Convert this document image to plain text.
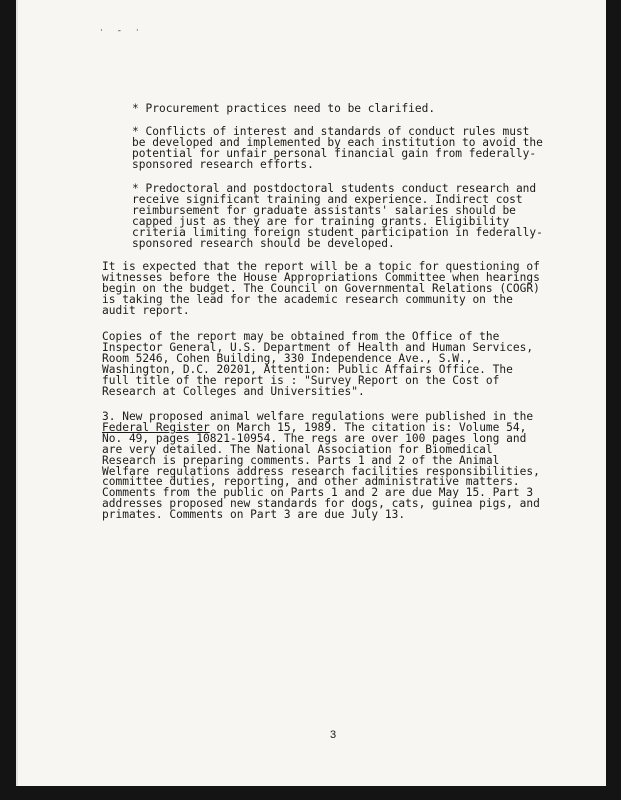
· - ·
* Procurement practices need to be clarified.
* Conflicts of interest and standards of conduct rules must
be developed and implemented by each institution to avoid the
potential for unfair personal financial gain from federally-
sponsored research efforts.
* Predoctoral and postdoctoral students conduct research and
receive significant training and experience. Indirect cost
reimbursement for graduate assistants' salaries should be
capped just as they are for training grants. Eligibility
criteria limiting foreign student participation in federally-
sponsored research should be developed.
It is expected that the report will be a topic for questioning of
witnesses before the House Appropriations Committee when hearings
begin on the budget. The Council on Governmental Relations (COGR)
is taking the lead for the academic research community on the
audit report.
Copies of the report may be obtained from the Office of the
Inspector General, U.S. Department of Health and Human Services,
Room 5246, Cohen Building, 330 Independence Ave., S.W.,
Washington, D.C. 20201, Attention: Public Affairs Office. The
full title of the report is : "Survey Report on the Cost of
Research at Colleges and Universities".
3. New proposed animal welfare regulations were published in the
Federal Register on March 15, 1989. The citation is: Volume 54,
No. 49, pages 10821-10954. The regs are over 100 pages long and
are very detailed. The National Association for Biomedical
Research is preparing comments. Parts 1 and 2 of the Animal
Welfare regulations address research facilities responsibilities,
committee duties, reporting, and other administrative matters.
Comments from the public on Parts 1 and 2 are due May 15. Part 3
addresses proposed new standards for dogs, cats, guinea pigs, and
primates. Comments on Part 3 are due July 13.
3
